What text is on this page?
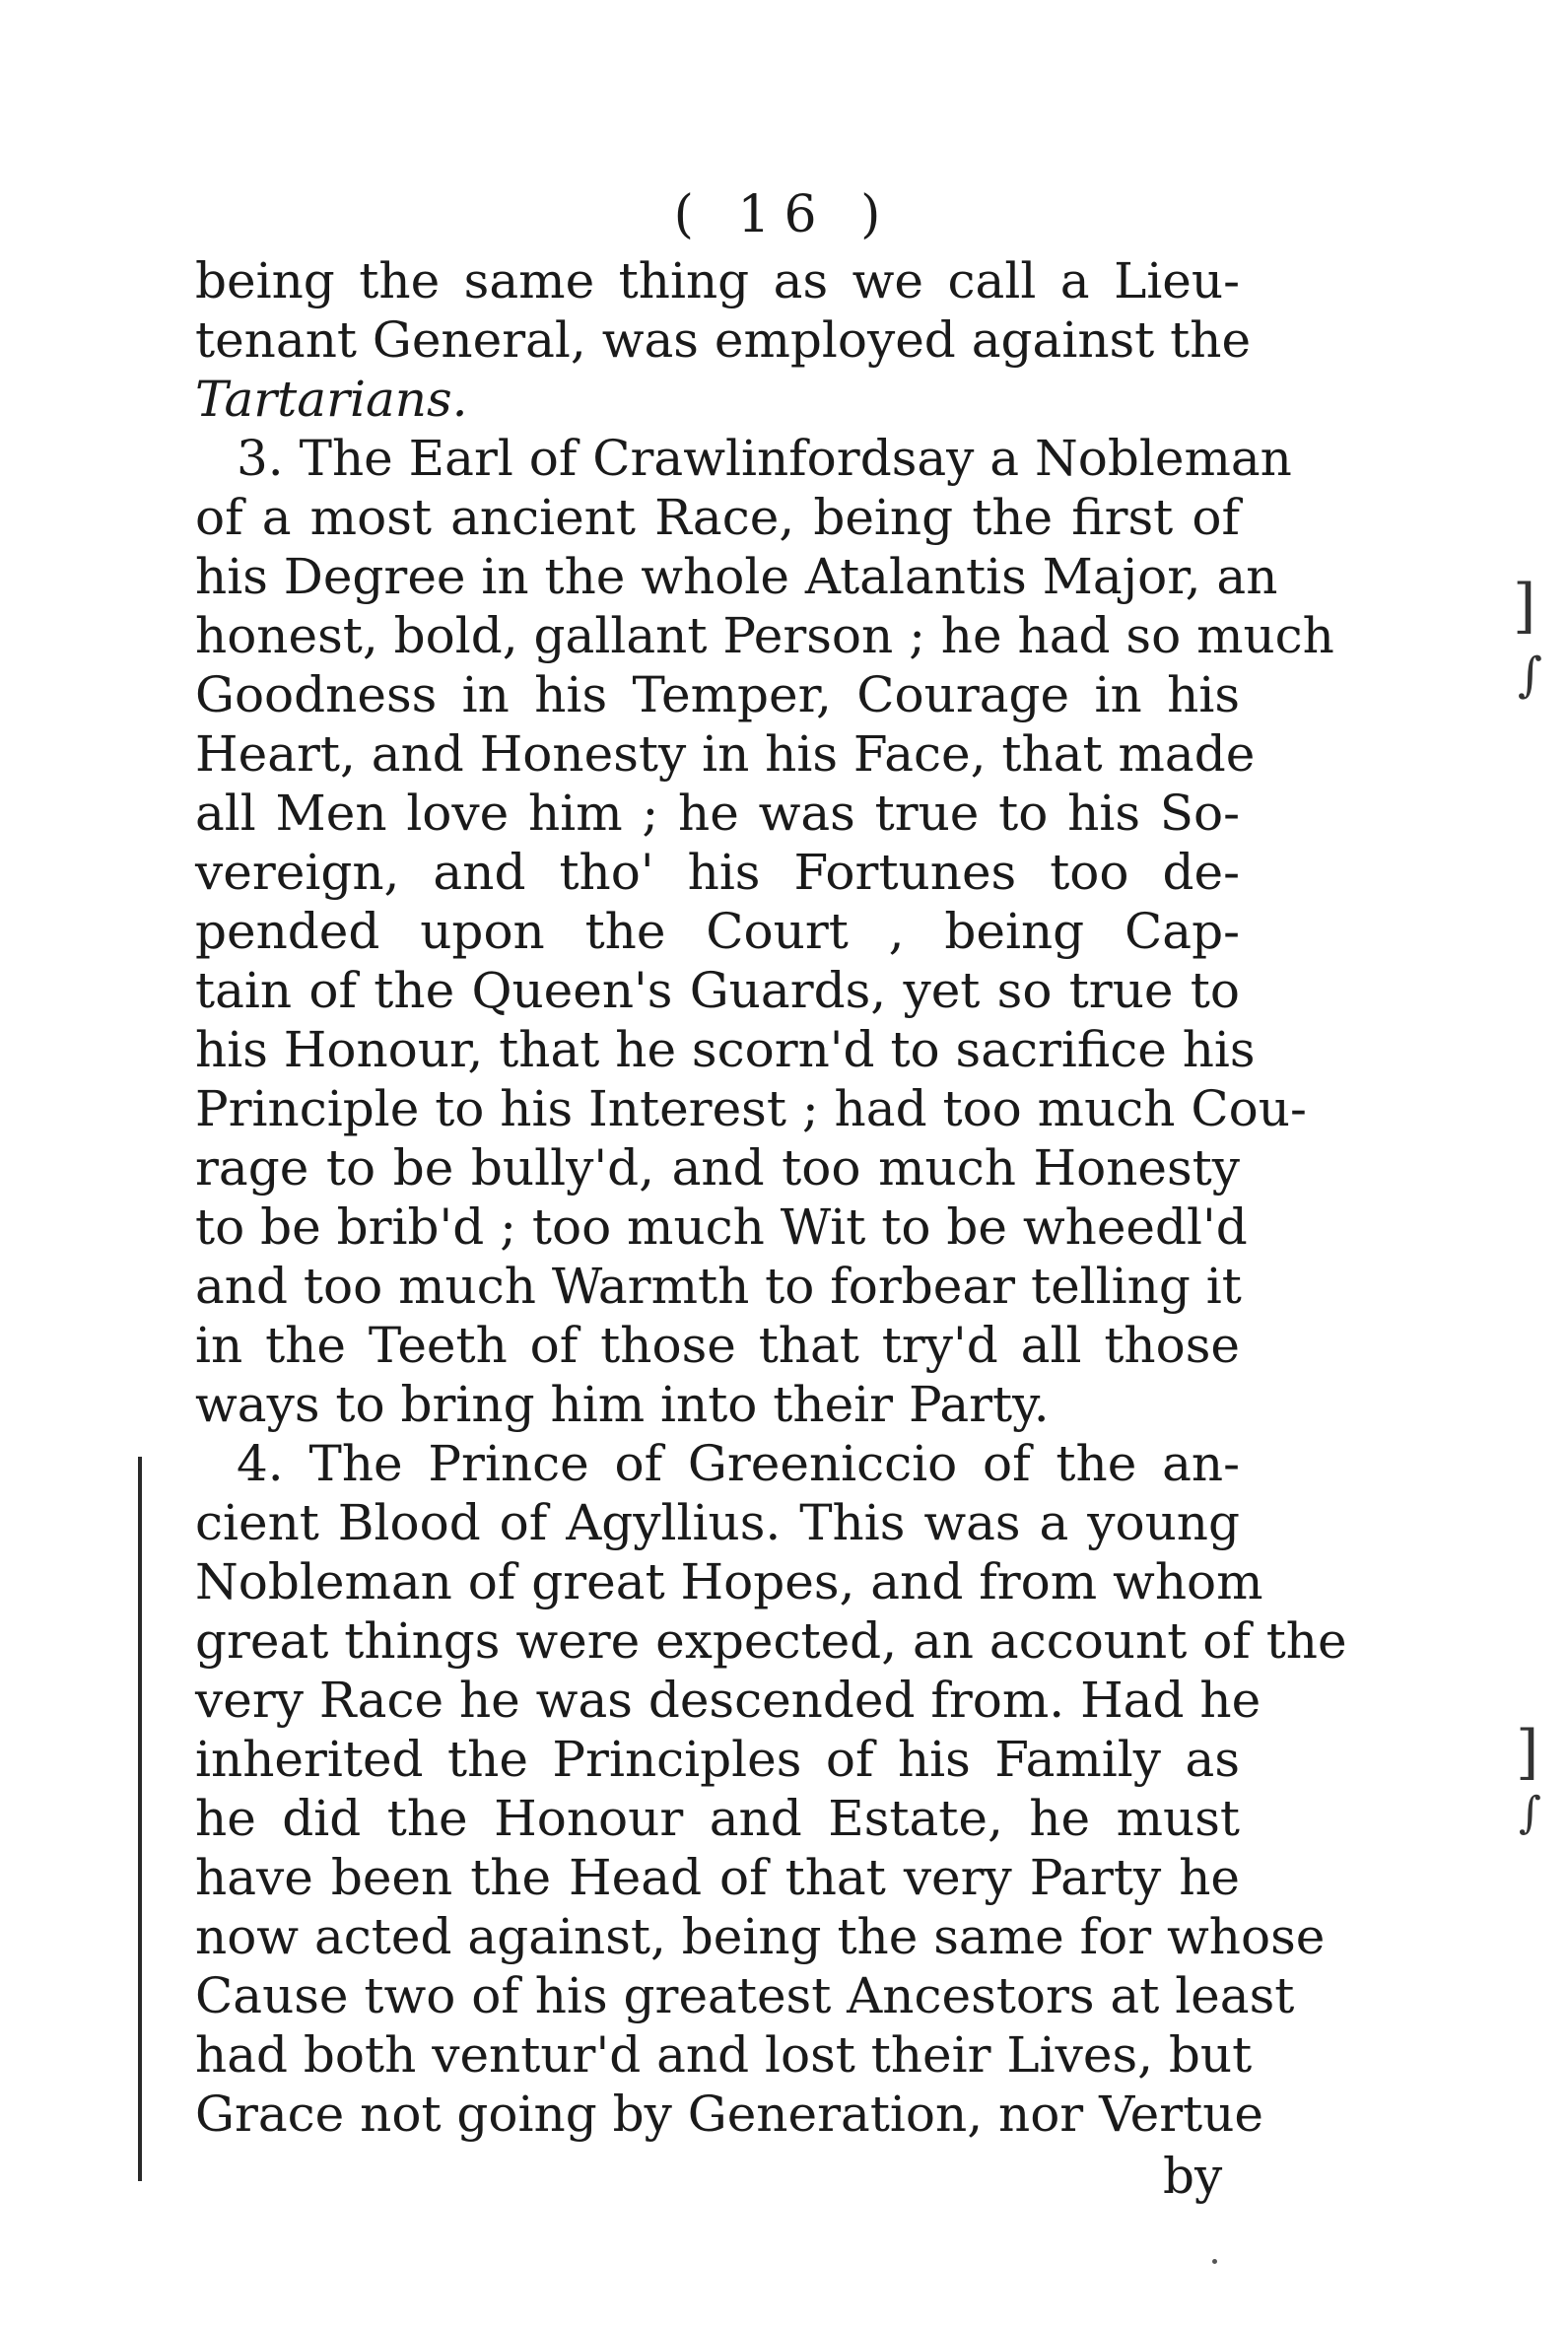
( 16 )
being the same thing as we call a Lieu-
tenant General, was employed against the
Tartarians.
3. The Earl of Crawlinfordsay a Nobleman
of a most ancient Race, being the first of
his Degree in the whole Atalantis Major, an
honest, bold, gallant Person ; he had so much
Goodness in his Temper, Courage in his
Heart, and Honesty in his Face, that made
all Men love him ; he was true to his So-
vereign, and tho' his Fortunes too de-
pended upon the Court , being Cap-
tain of the Queen's Guards, yet so true to
his Honour, that he scorn'd to sacrifice his
Principle to his Interest ; had too much Cou-
rage to be bully'd, and too much Honesty
to be brib'd ; too much Wit to be wheedl'd
and too much Warmth to forbear telling it
in the Teeth of those that try'd all those
ways to bring him into their Party.
4. The Prince of Greeniccio of the an-
cient Blood of Agyllius. This was a young
Nobleman of great Hopes, and from whom
great things were expected, an account of the
very Race he was descended from. Had he
inherited the Principles of his Family as
he did the Honour and Estate, he must
have been the Head of that very Party he
now acted against, being the same for whose
Cause two of his greatest Ancestors at least
had both ventur'd and lost their Lives, but
Grace not going by Generation, nor Vertue
by
]
∫
]
∫
